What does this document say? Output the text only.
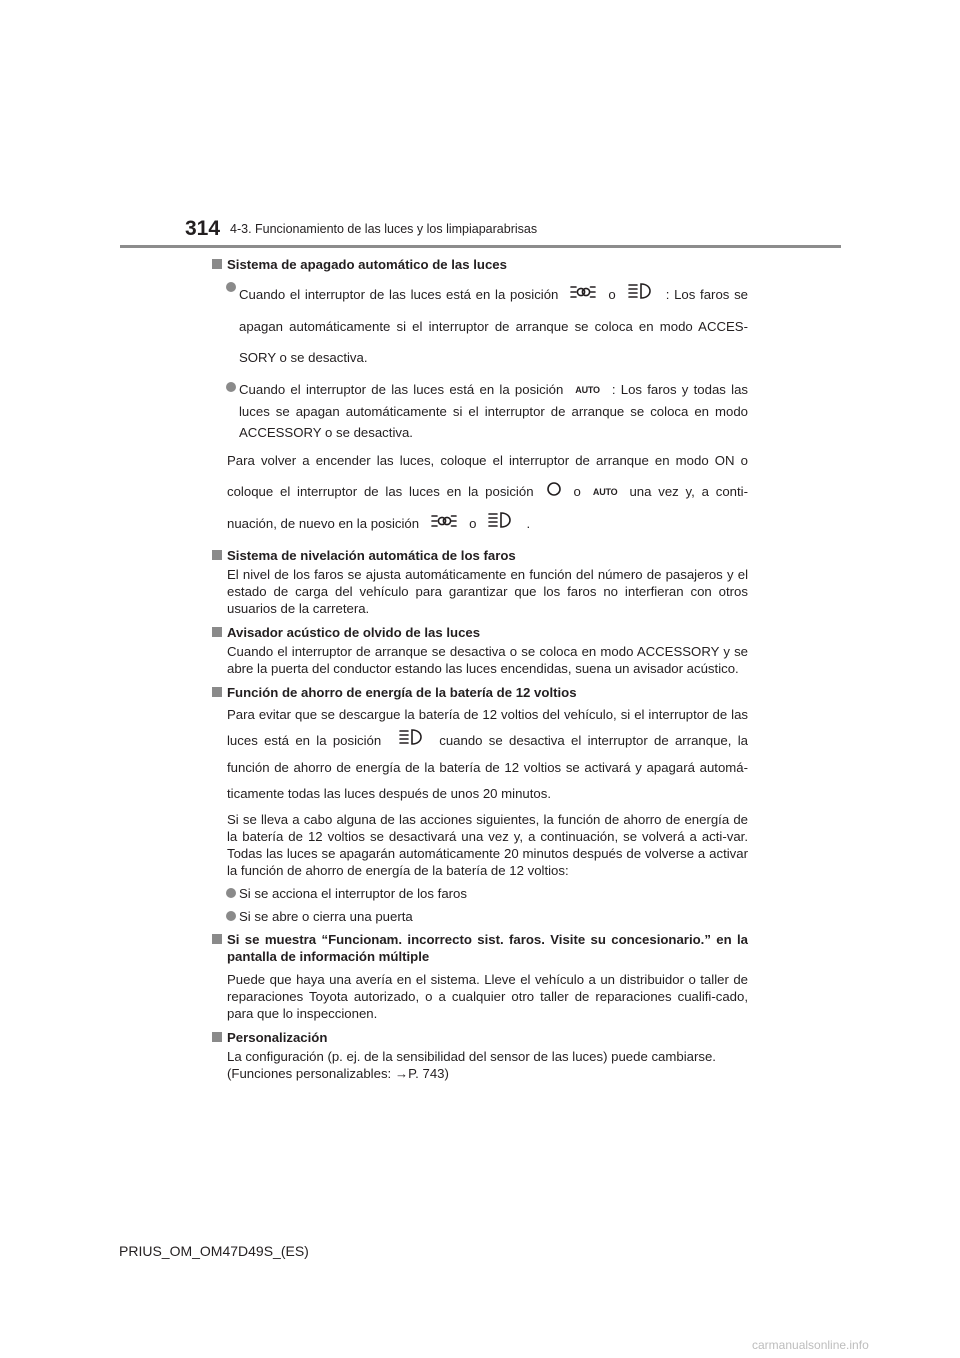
314 4-3. Funcionamiento de las luces y los limpiaparabrisas
Sistema de apagado automático de las luces
Cuando el interruptor de las luces está en la posición	o	: Los faros se apagan automáticamente si el interruptor de arranque se coloca en modo ACCES-SORY o se desactiva.
Cuando el interruptor de las luces está en la posición AUTO : Los faros y todas las luces se apagan automáticamente si el interruptor de arranque se coloca en modo ACCESSORY o se desactiva.
Para volver a encender las luces, coloque el interruptor de arranque en modo ON o coloque el interruptor de las luces en la posición	o AUTO una vez y, a conti-nuación, de nuevo en la posición	o	.
Sistema de nivelación automática de los faros
El nivel de los faros se ajusta automáticamente en función del número de pasajeros y el estado de carga del vehículo para garantizar que los faros no interfieran con otros usuarios de la carretera.
Avisador acústico de olvido de las luces
Cuando el interruptor de arranque se desactiva o se coloca en modo ACCESSORY y se abre la puerta del conductor estando las luces encendidas, suena un avisador acústico.
Función de ahorro de energía de la batería de 12 voltios
Para evitar que se descargue la batería de 12 voltios del vehículo, si el interruptor de las luces está en la posición	cuando se desactiva el interruptor de arranque, la función de ahorro de energía de la batería de 12 voltios se activará y apagará automá-ticamente todas las luces después de unos 20 minutos.
Si se lleva a cabo alguna de las acciones siguientes, la función de ahorro de energía de la batería de 12 voltios se desactivará una vez y, a continuación, se volverá a acti-var. Todas las luces se apagarán automáticamente 20 minutos después de volverse a activar la función de ahorro de energía de la batería de 12 voltios:
Si se acciona el interruptor de los faros
Si se abre o cierra una puerta
Si se muestra “Funcionam. incorrecto sist. faros. Visite su concesionario.” en la pantalla de información múltiple
Puede que haya una avería en el sistema. Lleve el vehículo a un distribuidor o taller de reparaciones Toyota autorizado, o a cualquier otro taller de reparaciones cualifi-cado, para que lo inspeccionen.
Personalización
La configuración (p. ej. de la sensibilidad del sensor de las luces) puede cambiarse.
(Funciones personalizables: →P. 743)
PRIUS_OM_OM47D49S_(ES)
carmanualsonline.info
